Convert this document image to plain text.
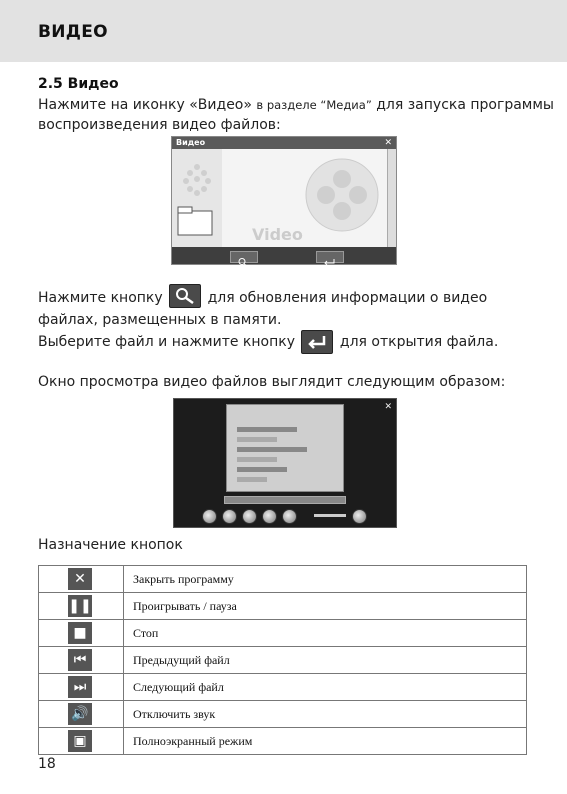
ВИДЕО
2.5 Видео
Нажмите на иконку «Видео» в разделе “Медиа” для запуска программы
воспроизведения видео файлов:
Видео	✕
Video
Нажмите кнопку	для обновления информации о видео
файлах, размещенных в памяти.
Выберите файл и нажмите кнопку	для открытия файла.
Окно просмотра видео файлов выглядит следующим образом:
✕
Назначение кнопок
✕	Закрыть программу

❚❚	Проигрывать / пауза

■	Стоп

⏮	Предыдущий файл

⏭	Следующий файл

🔊	Отключить звук

▣	Полноэкранный режим
18
